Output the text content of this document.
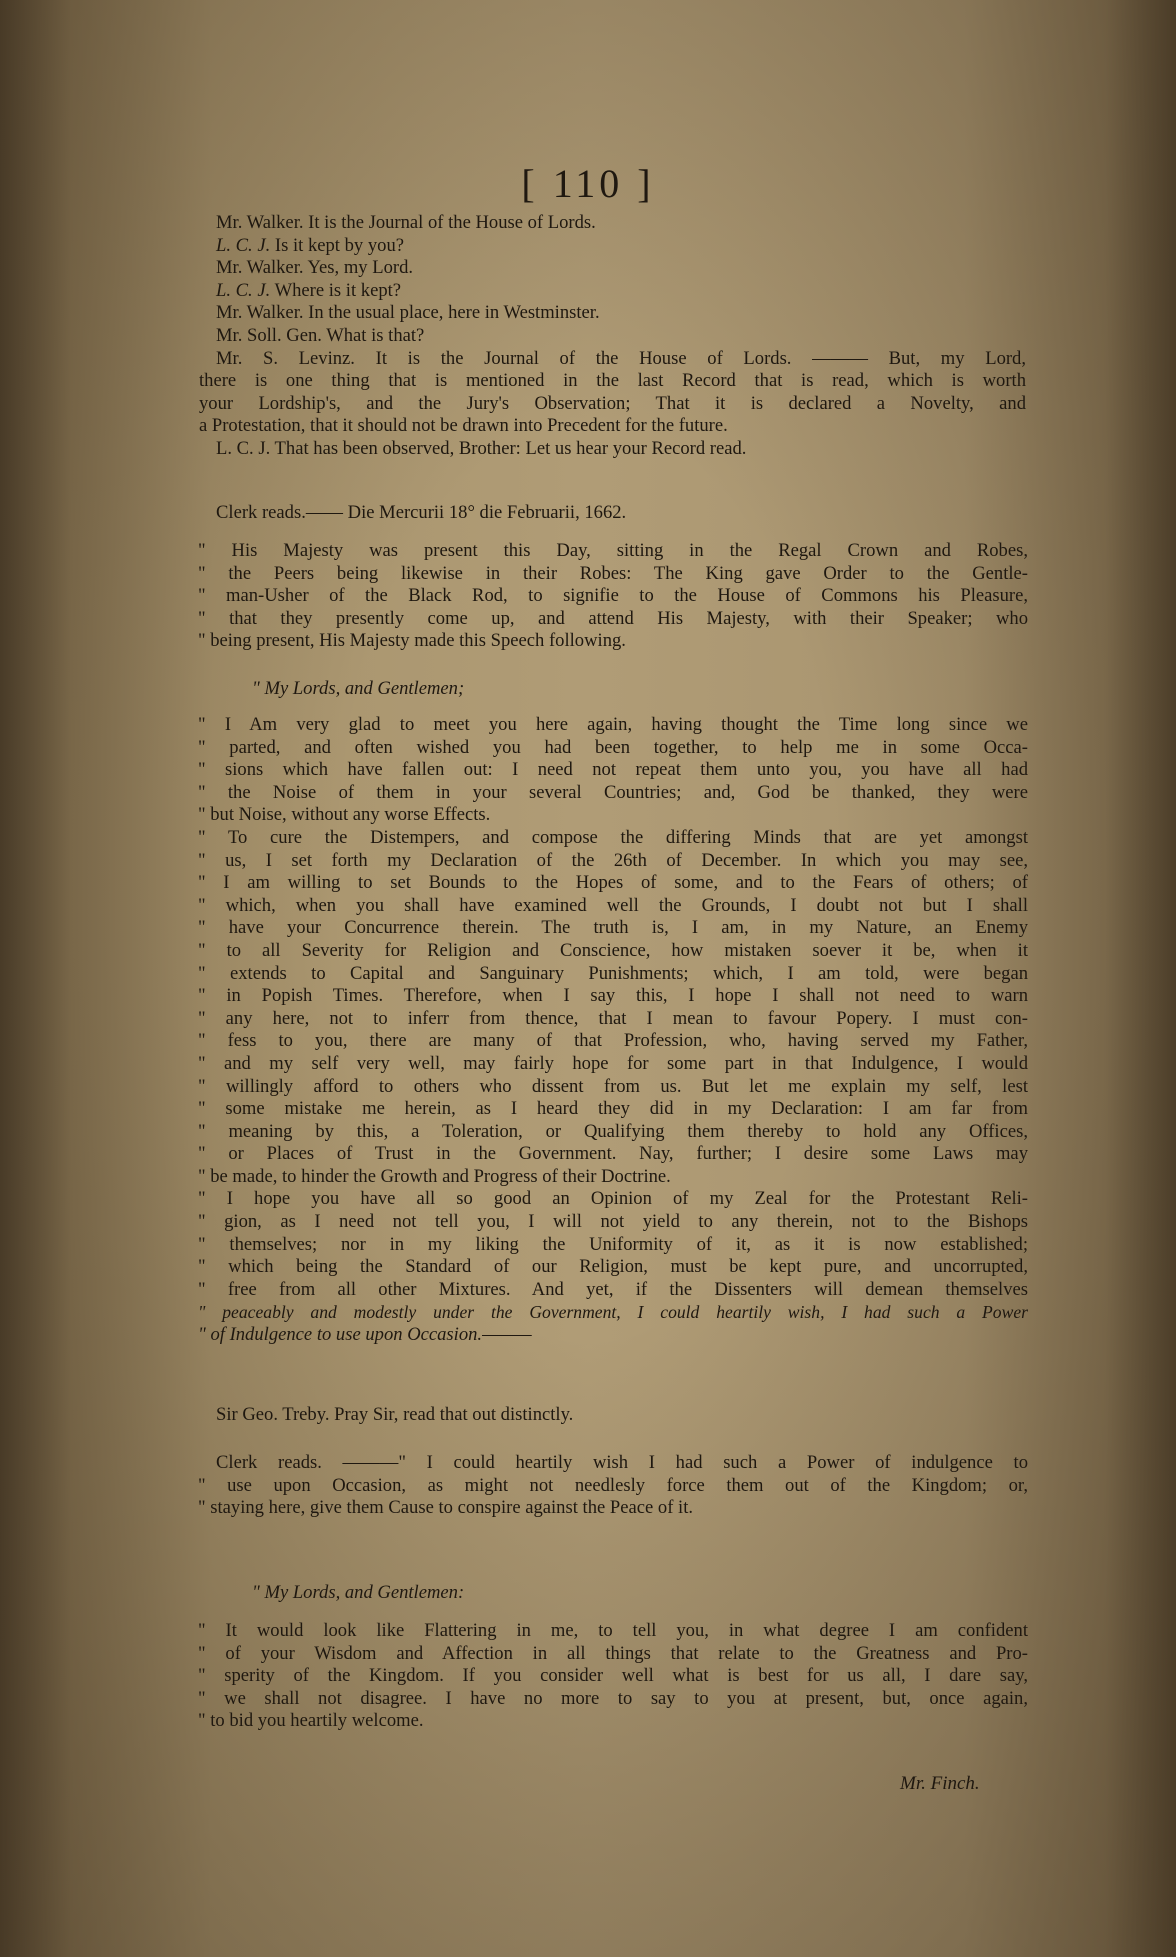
[ 110 ]
Mr. Walker. It is the Journal of the House of Lords.
L. C. J. Is it kept by you?
Mr. Walker. Yes, my Lord.
L. C. J. Where is it kept?
Mr. Walker. In the usual place, here in Westminster.
Mr. Soll. Gen. What is that?
Mr. S. Levinz. It is the Journal of the House of Lords. ——— But, my Lord,
there is one thing that is mentioned in the last Record that is read, which is worth
your Lordship's, and the Jury's Observation; That it is declared a Novelty, and
a Protestation, that it should not be drawn into Precedent for the future.
L. C. J. That has been observed, Brother: Let us hear your Record read.
Clerk reads.—— Die Mercurii 18° die Februarii, 1662.
" His Majesty was present this Day, sitting in the Regal Crown and Robes,
" the Peers being likewise in their Robes: The King gave Order to the Gentle-
" man-Usher of the Black Rod, to signifie to the House of Commons his Pleasure,
" that they presently come up, and attend His Majesty, with their Speaker; who
" being present, His Majesty made this Speech following.
" My Lords, and Gentlemen;
" I Am very glad to meet you here again, having thought the Time long since we
" parted, and often wished you had been together, to help me in some Occa-
" sions which have fallen out: I need not repeat them unto you, you have all had
" the Noise of them in your several Countries; and, God be thanked, they were
" but Noise, without any worse Effects.
" To cure the Distempers, and compose the differing Minds that are yet amongst
" us, I set forth my Declaration of the 26th of December. In which you may see,
" I am willing to set Bounds to the Hopes of some, and to the Fears of others; of
" which, when you shall have examined well the Grounds, I doubt not but I shall
" have your Concurrence therein. The truth is, I am, in my Nature, an Enemy
" to all Severity for Religion and Conscience, how mistaken soever it be, when it
" extends to Capital and Sanguinary Punishments; which, I am told, were began
" in Popish Times. Therefore, when I say this, I hope I shall not need to warn
" any here, not to inferr from thence, that I mean to favour Popery. I must con-
" fess to you, there are many of that Profession, who, having served my Father,
" and my self very well, may fairly hope for some part in that Indulgence, I would
" willingly afford to others who dissent from us. But let me explain my self, lest
" some mistake me herein, as I heard they did in my Declaration: I am far from
" meaning by this, a Toleration, or Qualifying them thereby to hold any Offices,
" or Places of Trust in the Government. Nay, further; I desire some Laws may
" be made, to hinder the Growth and Progress of their Doctrine.
" I hope you have all so good an Opinion of my Zeal for the Protestant Reli-
" gion, as I need not tell you, I will not yield to any therein, not to the Bishops
" themselves; nor in my liking the Uniformity of it, as it is now established;
" which being the Standard of our Religion, must be kept pure, and uncorrupted,
" free from all other Mixtures. And yet, if the Dissenters will demean themselves
" peaceably and modestly under the Government, I could heartily wish, I had such a Power
" of Indulgence to use upon Occasion.———
Sir Geo. Treby. Pray Sir, read that out distinctly.
Clerk reads. ———" I could heartily wish I had such a Power of indulgence to
" use upon Occasion, as might not needlesly force them out of the Kingdom; or,
" staying here, give them Cause to conspire against the Peace of it.
" My Lords, and Gentlemen:
" It would look like Flattering in me, to tell you, in what degree I am confident
" of your Wisdom and Affection in all things that relate to the Greatness and Pro-
" sperity of the Kingdom. If you consider well what is best for us all, I dare say,
" we shall not disagree. I have no more to say to you at present, but, once again,
" to bid you heartily welcome.
Mr. Finch.
